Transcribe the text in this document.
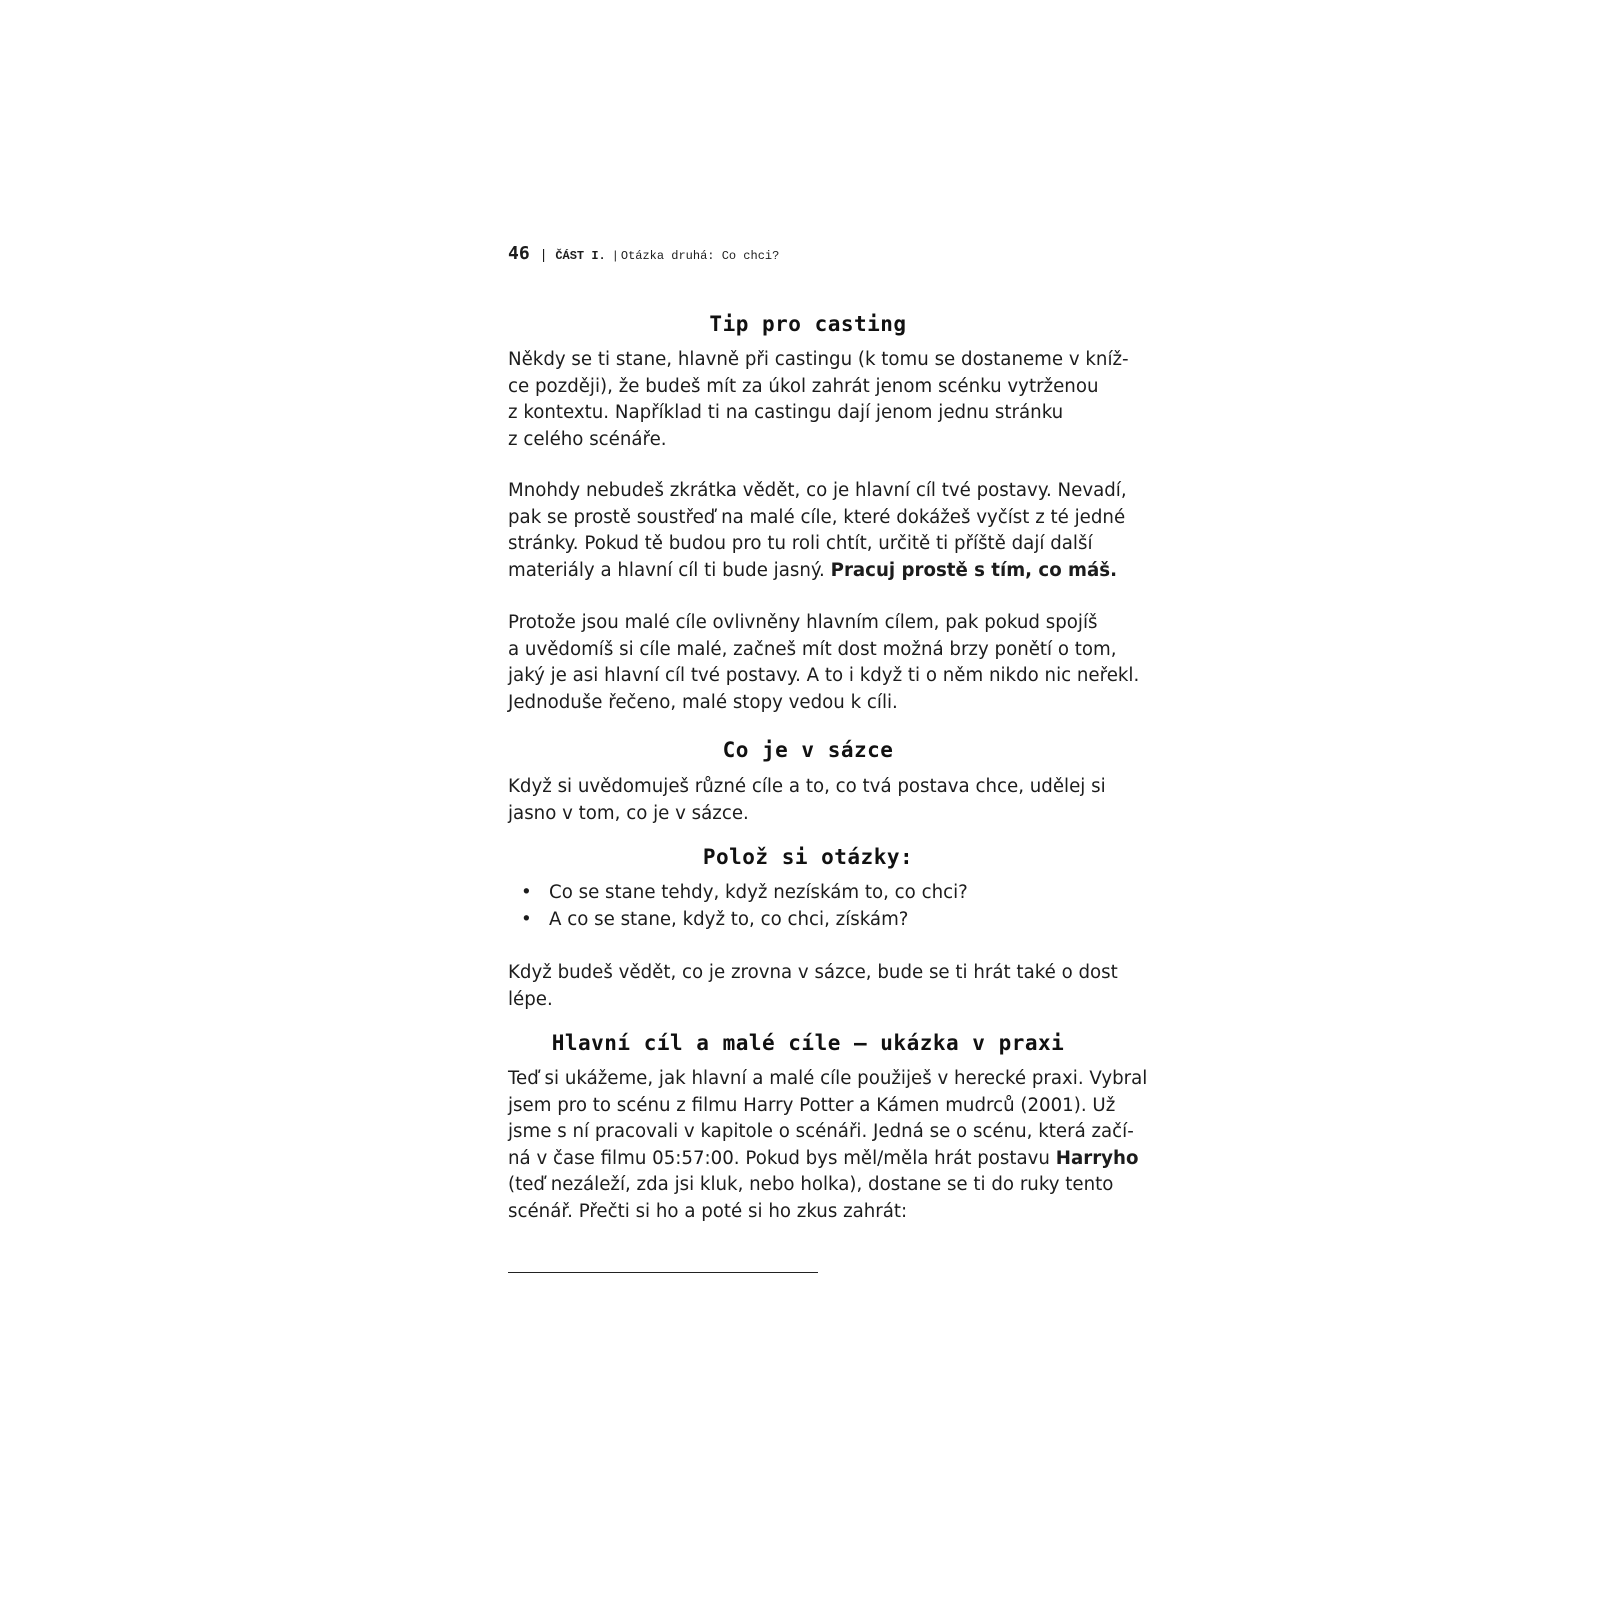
46 | ČÁST I. | Otázka druhá: Co chci?
Tip pro casting
Někdy se ti stane, hlavně při castingu (k tomu se dostaneme v kníž-
ce později), že budeš mít za úkol zahrát jenom scénku vytrženou
z kontextu. Například ti na castingu dají jenom jednu stránku
z celého scénáře.
Mnohdy nebudeš zkrátka vědět, co je hlavní cíl tvé postavy. Nevadí,
pak se prostě soustřeď na malé cíle, které dokážeš vyčíst z té jedné
stránky. Pokud tě budou pro tu roli chtít, určitě ti příště dají další
materiály a hlavní cíl ti bude jasný. Pracuj prostě s tím, co máš.
Protože jsou malé cíle ovlivněny hlavním cílem, pak pokud spojíš
a uvědomíš si cíle malé, začneš mít dost možná brzy ponětí o tom,
jaký je asi hlavní cíl tvé postavy. A to i když ti o něm nikdo nic neřekl.
Jednoduše řečeno, malé stopy vedou k cíli.
Co je v sázce
Když si uvědomuješ různé cíle a to, co tvá postava chce, udělej si
jasno v tom, co je v sázce.
Polož si otázky:
• Co se stane tehdy, když nezískám to, co chci?
• A co se stane, když to, co chci, získám?
Když budeš vědět, co je zrovna v sázce, bude se ti hrát také o dost
lépe.
Hlavní cíl a malé cíle – ukázka v praxi
Teď si ukážeme, jak hlavní a malé cíle použiješ v herecké praxi. Vybral
jsem pro to scénu z filmu Harry Potter a Kámen mudrců (2001). Už
jsme s ní pracovali v kapitole o scénáři. Jedná se o scénu, která začí-
ná v čase filmu 05:57:00. Pokud bys měl/měla hrát postavu Harryho
(teď nezáleží, zda jsi kluk, nebo holka), dostane se ti do ruky tento
scénář. Přečti si ho a poté si ho zkus zahrát:
